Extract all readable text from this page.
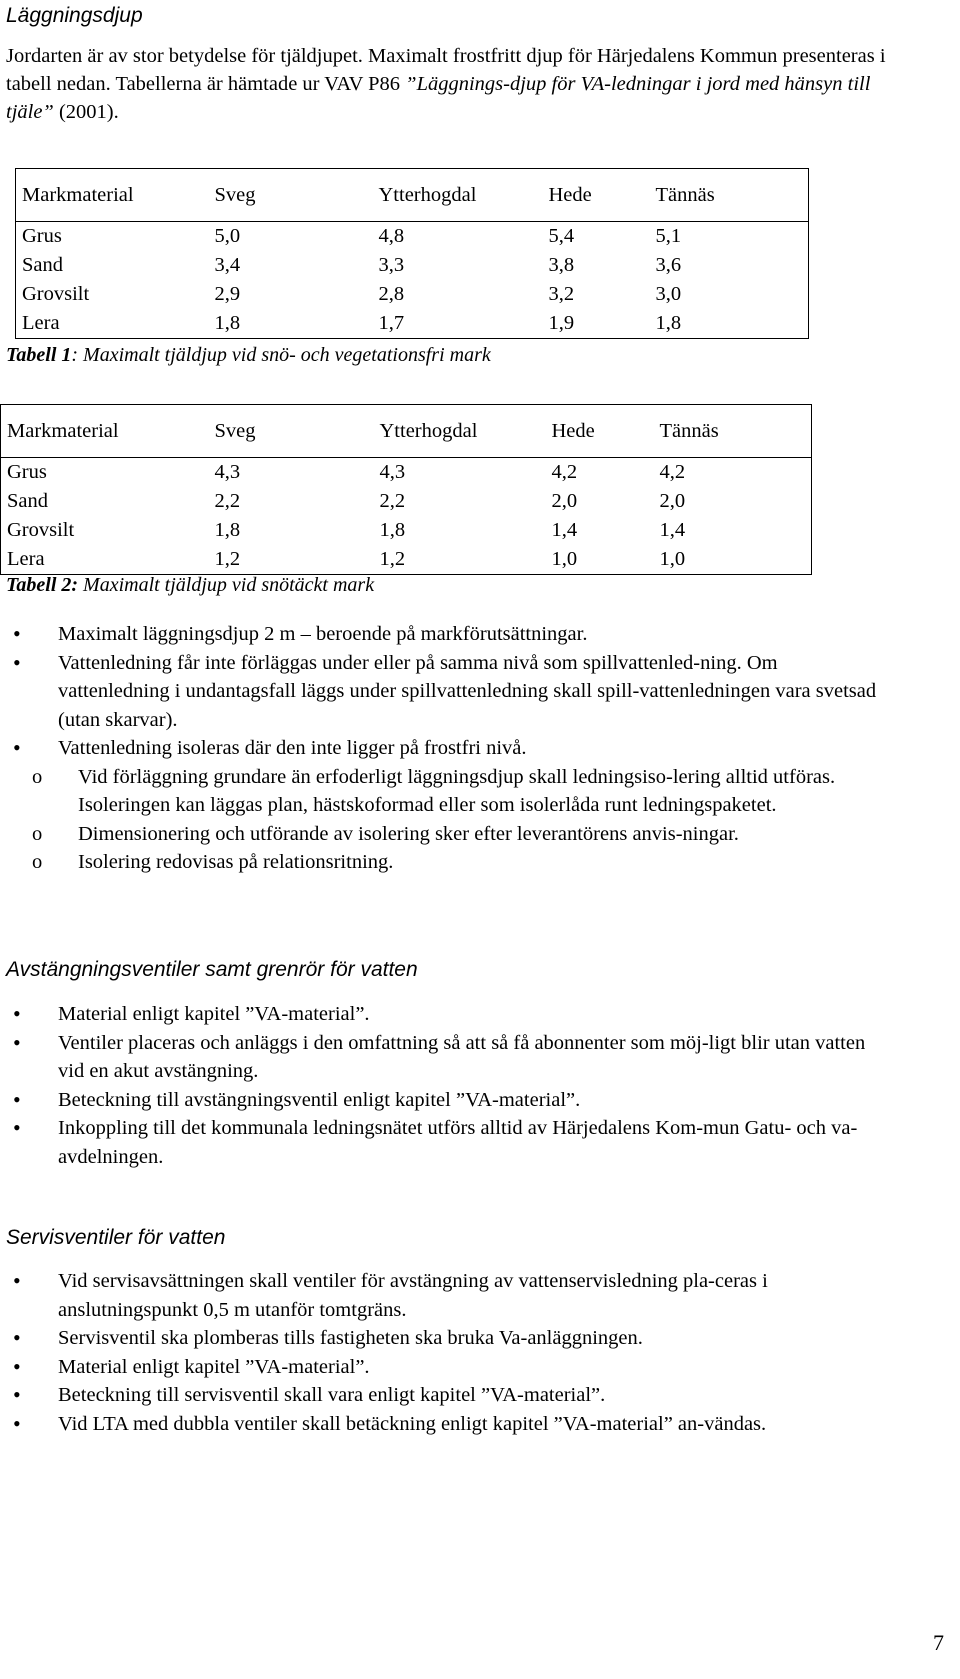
Läggningsdjup

Jordarten är av stor betydelse för tjäldjupet. Maximalt frostfritt djup för Härjedalens Kommun presenteras i tabell nedan. Tabellerna är hämtade ur VAV P86 ”Läggnings-djup för VA-ledningar i jord med hänsyn till tjäle” (2001).

Markmaterial	Sveg	Ytterhogdal	Hede	Tännäs
Grus	5,0	4,8	5,4	5,1
Sand	3,4	3,3	3,8	3,6
Grovsilt	2,9	2,8	3,2	3,0
Lera	1,8	1,7	1,9	1,8

Tabell 1: Maximalt tjäldjup vid snö- och vegetationsfri mark

Markmaterial	Sveg	Ytterhogdal	Hede	Tännäs
Grus	4,3	4,3	4,2	4,2
Sand	2,2	2,2	2,0	2,0
Grovsilt	1,8	1,8	1,4	1,4
Lera	1,2	1,2	1,0	1,0

Tabell 2: Maximalt tjäldjup vid snötäckt mark

• Maximalt läggningsdjup 2 m – beroende på markförutsättningar.
• Vattenledning får inte förläggas under eller på samma nivå som spillvattenled-ning. Om vattenledning i undantagsfall läggs under spillvattenledning skall spill-vattenledningen vara svetsad (utan skarvar).
• Vattenledning isoleras där den inte ligger på frostfri nivå.
o Vid förläggning grundare än erfoderligt läggningsdjup skall ledningsiso-lering alltid utföras. Isoleringen kan läggas plan, hästskoformad eller som isolerlåda runt ledningspaketet.
o Dimensionering och utförande av isolering sker efter leverantörens anvis-ningar.
o Isolering redovisas på relationsritning.
Avstängningsventiler samt grenrör för vatten
• Material enligt kapitel ”VA-material”.
• Ventiler placeras och anläggs i den omfattning så att så få abonnenter som möj-ligt blir utan vatten vid en akut avstängning.
• Beteckning till avstängningsventil enligt kapitel ”VA-material”.
• Inkoppling till det kommunala ledningsnätet utförs alltid av Härjedalens Kom-mun Gatu- och va-avdelningen.
Servisventiler för vatten
• Vid servisavsättningen skall ventiler för avstängning av vattenservisledning pla-ceras i anslutningspunkt 0,5 m utanför tomtgräns.
• Servisventil ska plomberas tills fastigheten ska bruka Va-anläggningen.
• Material enligt kapitel ”VA-material”.
• Beteckning till servisventil skall vara enligt kapitel ”VA-material”.
• Vid LTA med dubbla ventiler skall betäckning enligt kapitel ”VA-material” an-vändas.
7
